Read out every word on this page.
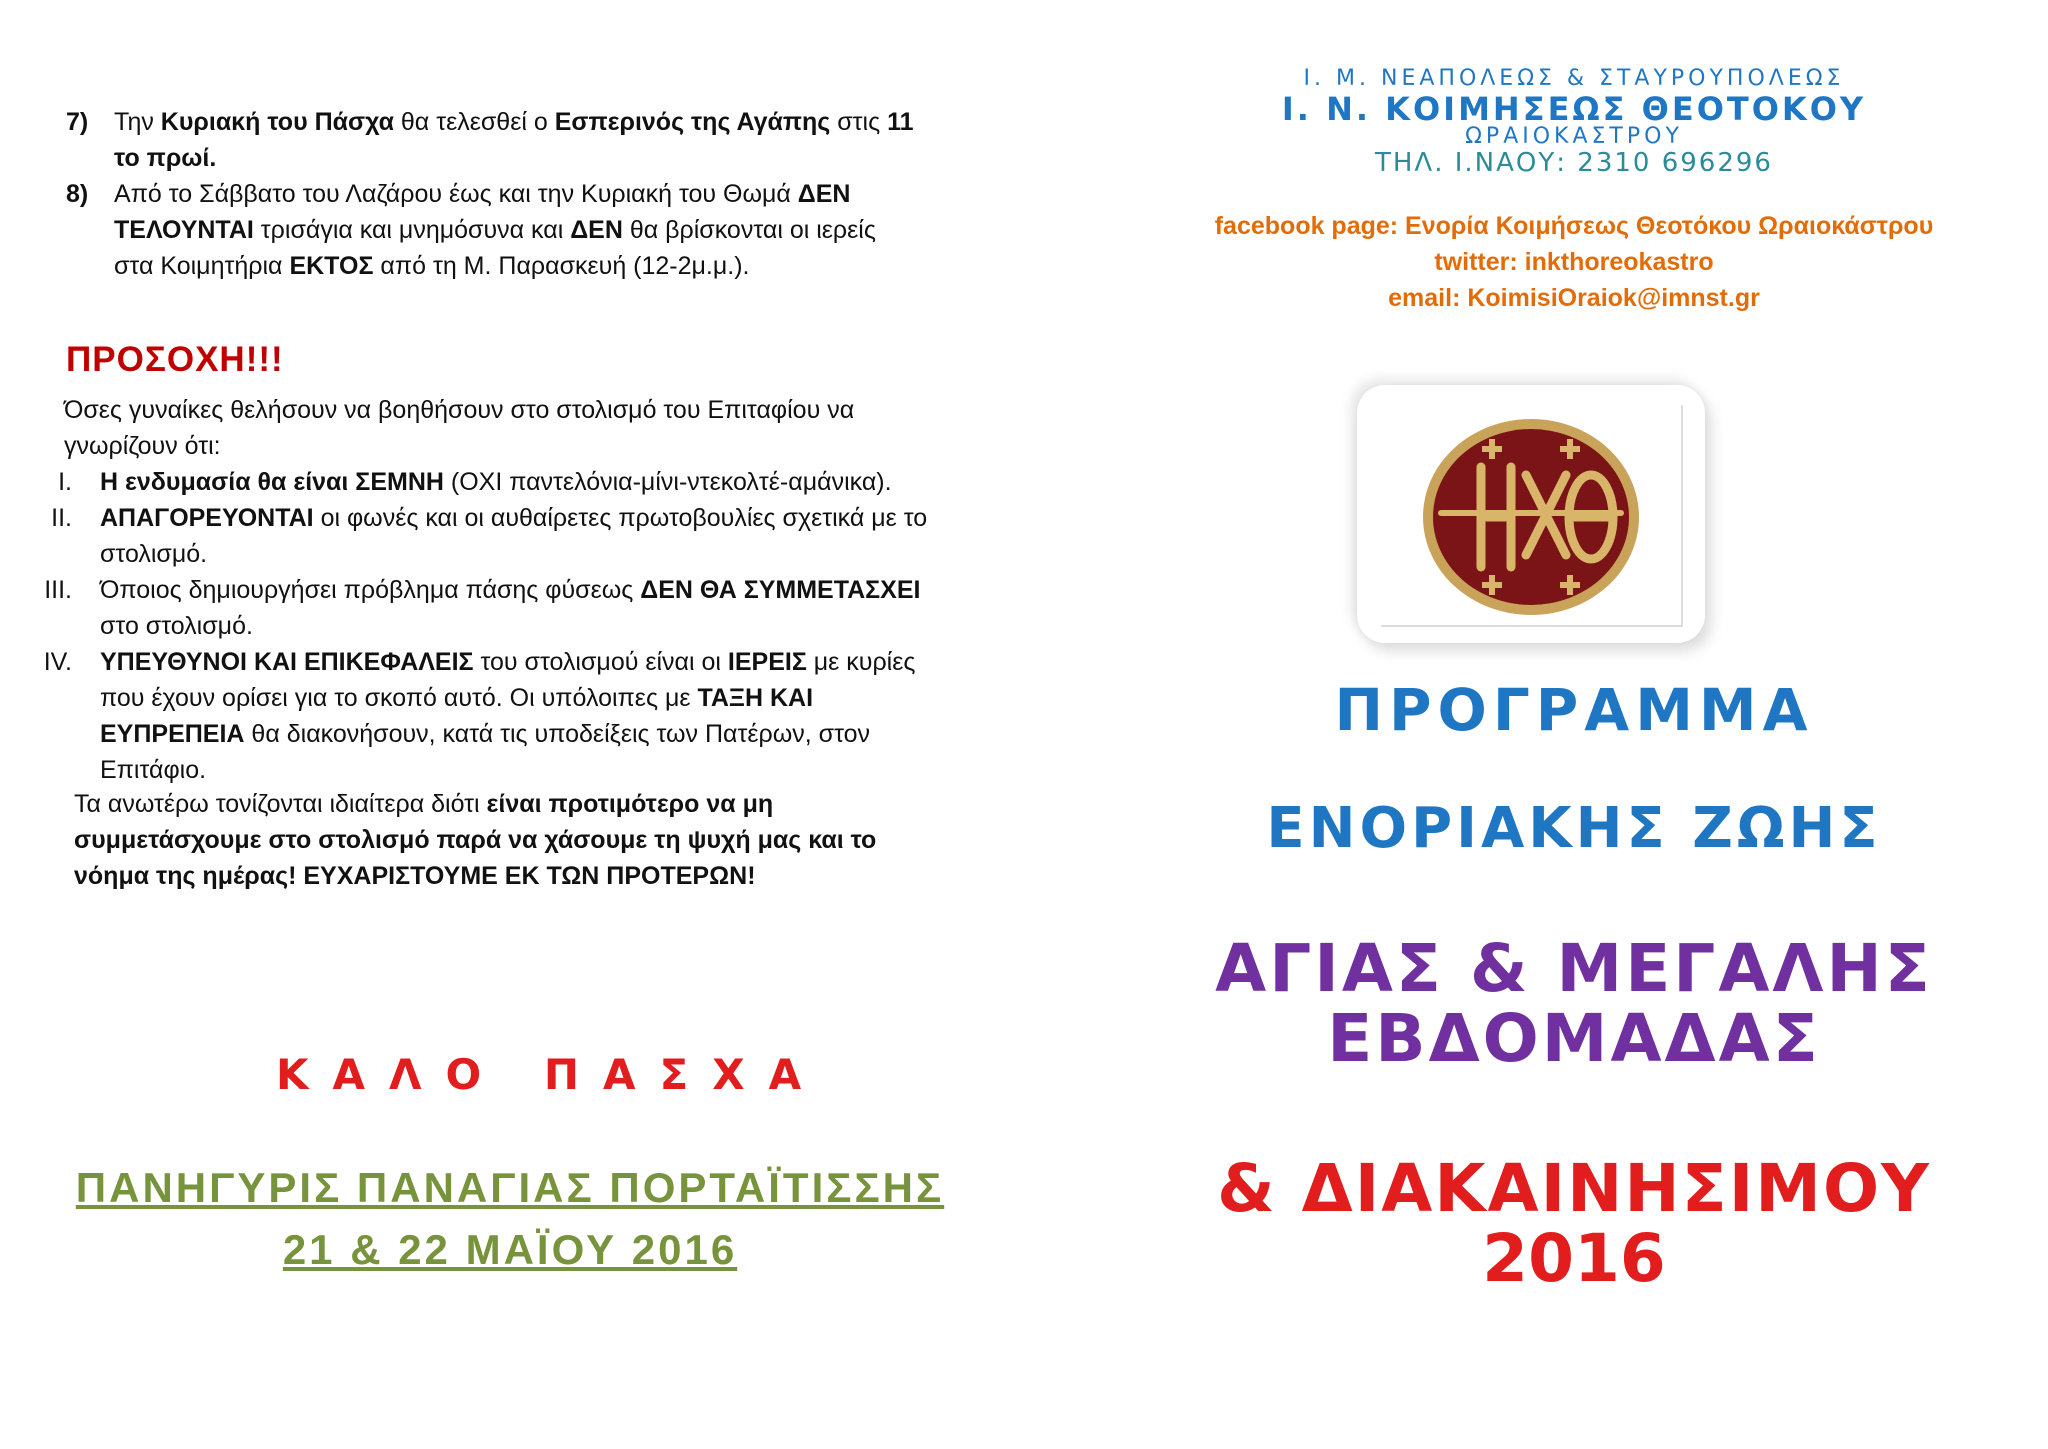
7) Την Κυριακή του Πάσχα θα τελεσθεί ο Εσπερινός της Αγάπης στις 11
το πρωί.
8) Από το Σάββατο του Λαζάρου έως και την Κυριακή του Θωμά ΔΕΝ
ΤΕΛΟΥΝΤΑΙ τρισάγια και μνημόσυνα και ΔΕΝ θα βρίσκονται οι ιερείς
στα Κοιμητήρια ΕΚΤΟΣ από τη Μ. Παρασκευή (12-2μ.μ.).
ΠΡΟΣΟΧΗ!!!
Όσες γυναίκες θελήσουν να βοηθήσουν στο στολισμό του Επιταφίου να
γνωρίζουν ότι:
I. Η ενδυμασία θα είναι ΣΕΜΝΗ (ΟΧΙ παντελόνια-μίνι-ντεκολτέ-αμάνικα).
II. ΑΠΑΓΟΡΕΥΟΝΤΑΙ οι φωνές και οι αυθαίρετες πρωτοβουλίες σχετικά με το
στολισμό.
III. Όποιος δημιουργήσει πρόβλημα πάσης φύσεως ΔΕΝ ΘΑ ΣΥΜΜΕΤΑΣΧΕΙ
στο στολισμό.
IV. ΥΠΕΥΘΥΝΟΙ ΚΑΙ ΕΠΙΚΕΦΑΛΕΙΣ του στολισμού είναι οι ΙΕΡΕΙΣ με κυρίες
που έχουν ορίσει για το σκοπό αυτό. Οι υπόλοιπες με ΤΑΞΗ ΚΑΙ
ΕΥΠΡΕΠΕΙΑ θα διακονήσουν, κατά τις υποδείξεις των Πατέρων, στον
Επιτάφιο.
Τα ανωτέρω τονίζονται ιδιαίτερα διότι είναι προτιμότερο να μη
συμμετάσχουμε στο στολισμό παρά να χάσουμε τη ψυχή μας και το
νόημα της ημέρας! ΕΥΧΑΡΙΣΤΟΥΜΕ ΕΚ ΤΩΝ ΠΡΟΤΕΡΩΝ!
ΚΑΛΟ ΠΑΣΧΑ
ΠΑΝΗΓΥΡΙΣ ΠΑΝΑΓΙΑΣ ΠΟΡΤΑΪΤΙΣΣΗΣ
21 & 22 ΜΑΪΟΥ 2016
Ι. Μ. ΝΕΑΠΟΛΕΩΣ & ΣΤΑΥΡΟΥΠΟΛΕΩΣ
Ι. Ν. ΚΟΙΜΗΣΕΩΣ ΘΕΟΤΟΚΟΥ
ΩΡΑΙΟΚΑΣΤΡΟΥ
ΤΗΛ. Ι.ΝΑΟΥ: 2310 696296
facebook page: Ενορία Κοιμήσεως Θεοτόκου Ωραιοκάστρου
twitter: inkthoreokastro
email: KoimisiOraiok@imnst.gr
ΠΡΟΓΡΑΜΜΑ
ΕΝΟΡΙΑΚΗΣ ΖΩΗΣ
ΑΓΙΑΣ & ΜΕΓΑΛΗΣ
ΕΒΔΟΜΑΔΑΣ
& ΔΙΑΚΑΙΝΗΣΙΜΟΥ
2016
